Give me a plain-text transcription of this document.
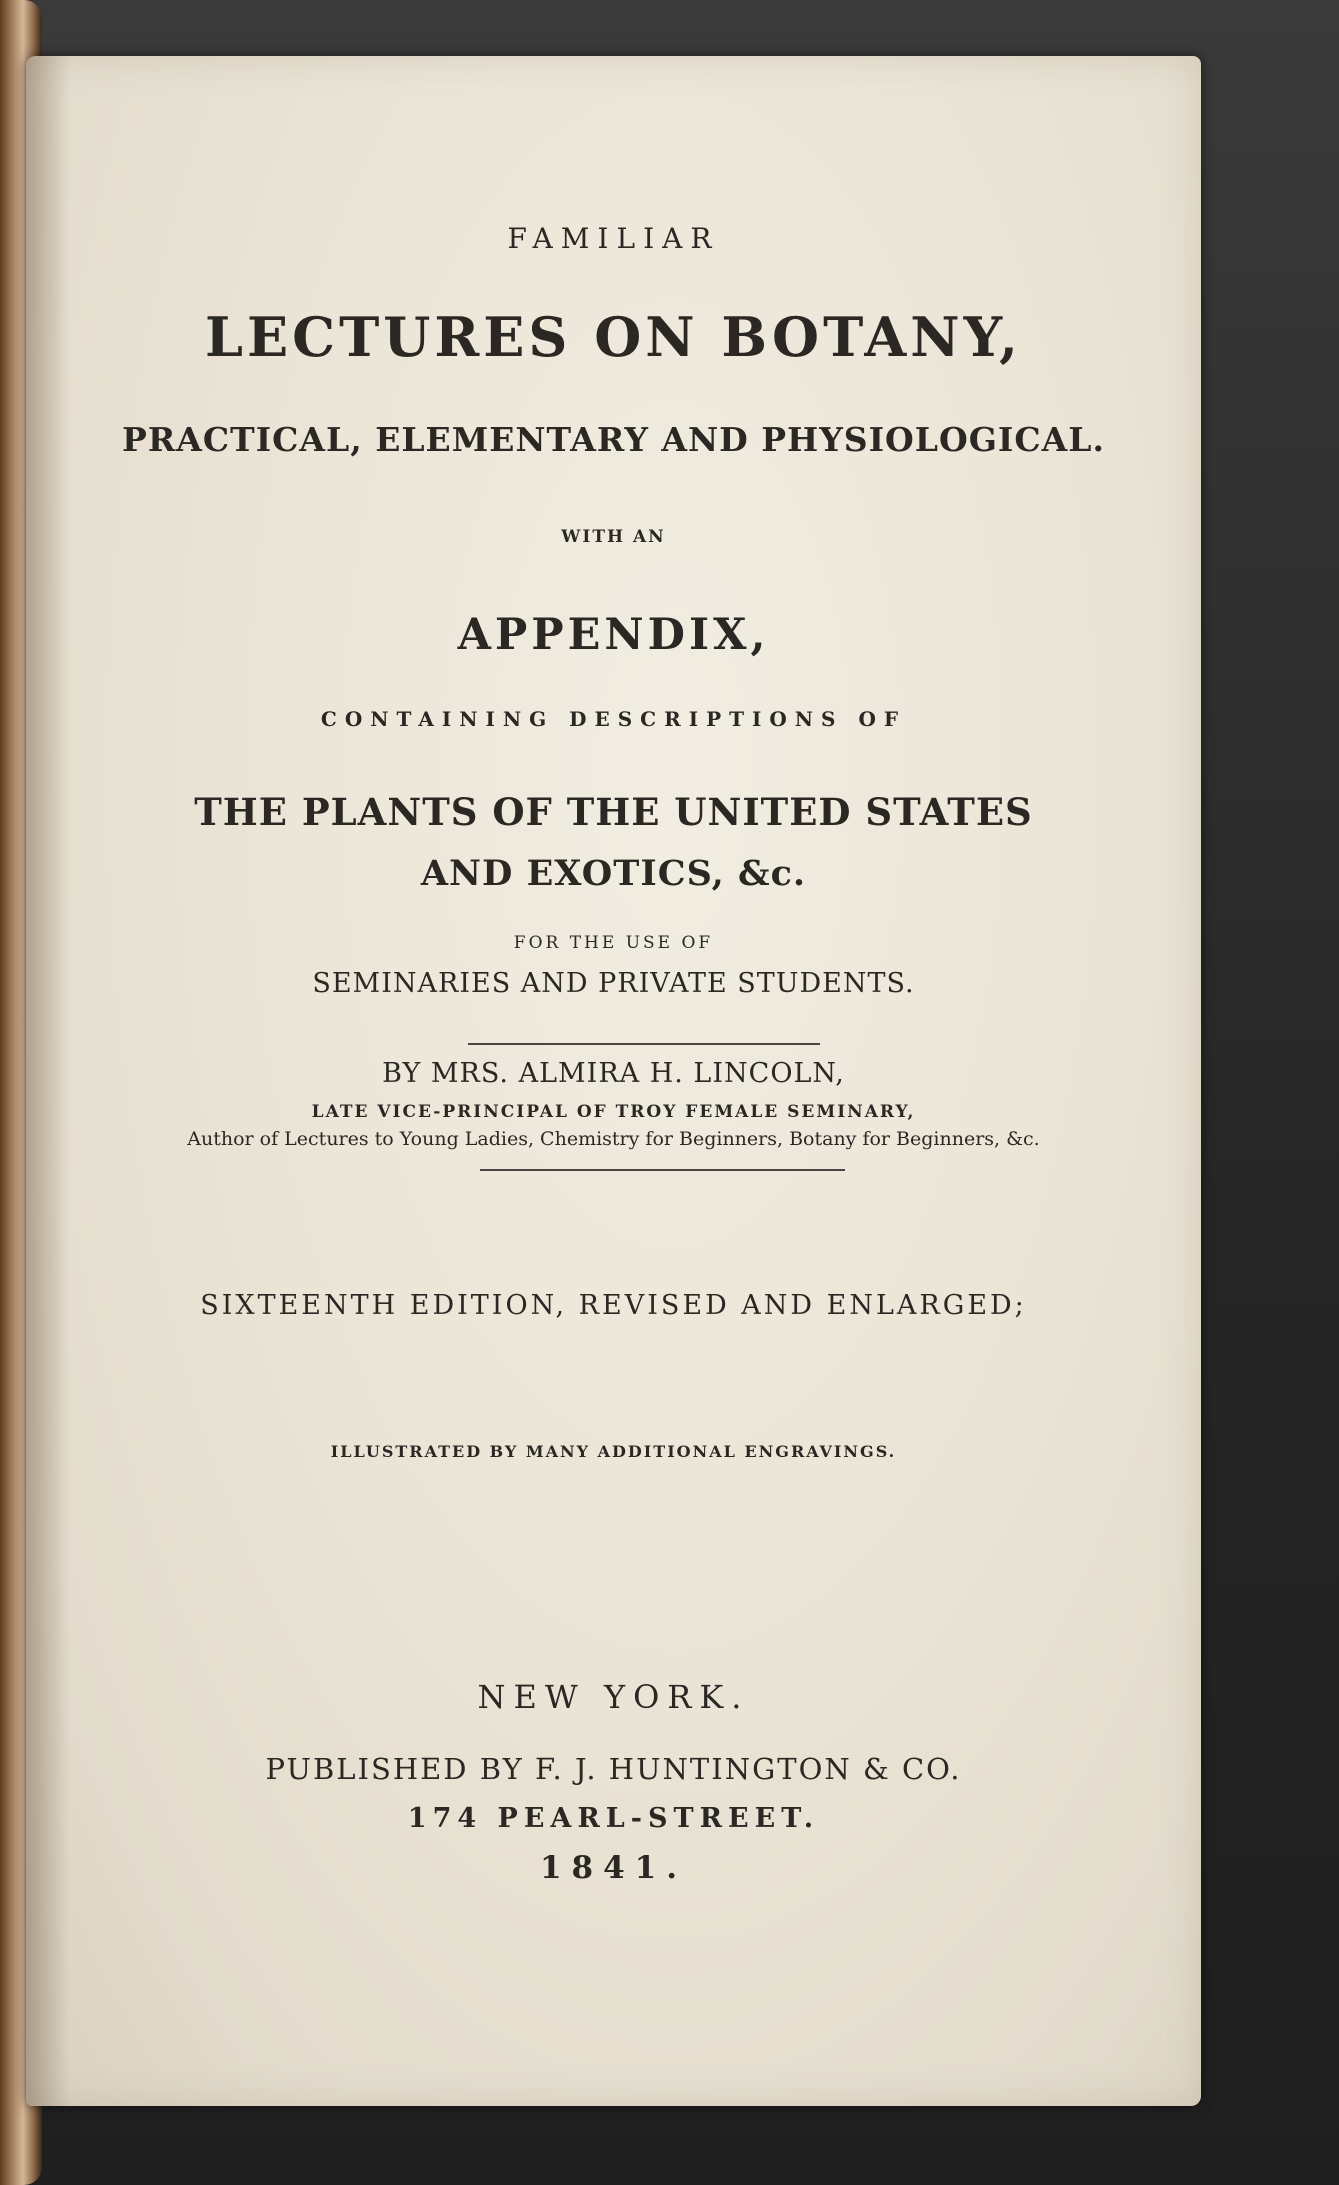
FAMILIAR

LECTURES ON BOTANY,

PRACTICAL, ELEMENTARY AND PHYSIOLOGICAL.

WITH AN

APPENDIX,

CONTAINING DESCRIPTIONS OF

THE PLANTS OF THE UNITED STATES

AND EXOTICS, &c.

FOR THE USE OF

SEMINARIES AND PRIVATE STUDENTS.

BY MRS. ALMIRA H. LINCOLN,

LATE VICE-PRINCIPAL OF TROY FEMALE SEMINARY,

Author of Lectures to Young Ladies, Chemistry for Beginners, Botany for Beginners, &c.

SIXTEENTH EDITION, REVISED AND ENLARGED;

ILLUSTRATED BY MANY ADDITIONAL ENGRAVINGS.

NEW YORK.

PUBLISHED BY F. J. HUNTINGTON & CO.

174 PEARL-STREET.

1841.
